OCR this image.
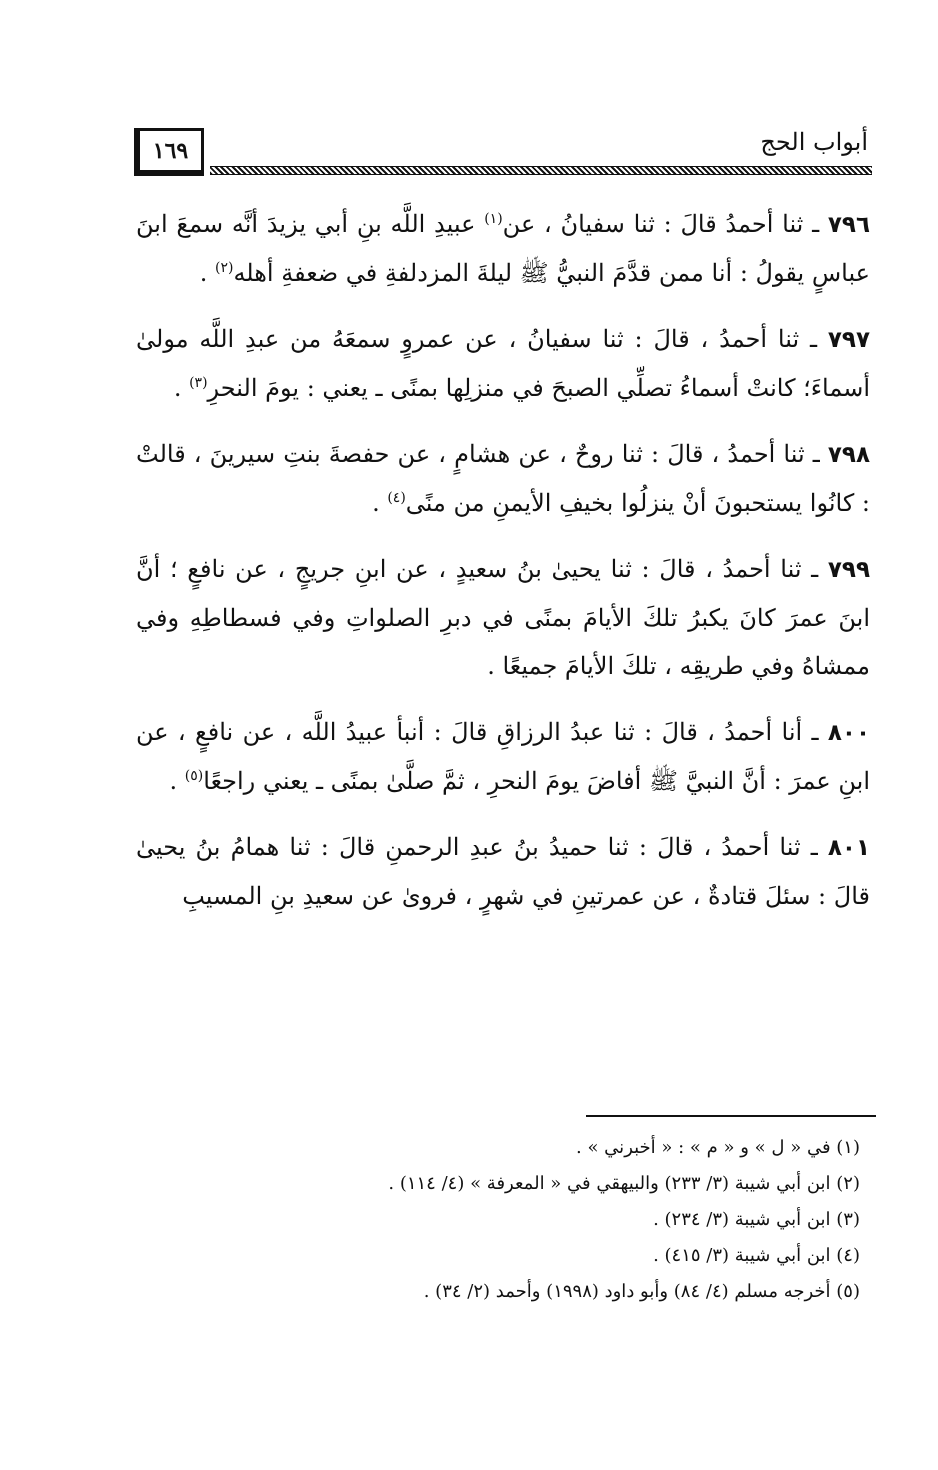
١٦٩	أبواب الحج

٧٩٦ ـ ثنا أحمدُ قالَ : ثنا سفيانُ ، عن$^{(١)}$ عبيدِ اللَّه بنِ أبي يزيدَ أنَّه سمعَ ابنَ عباسٍ يقولُ : أنا ممن قدَّمَ النبيُّ ﷺ ليلةَ المزدلفةِ في ضعفةِ أهله$^{(٢)}$ .

٧٩٧ ـ ثنا أحمدُ ، قالَ : ثنا سفيانُ ، عن عمروٍ سمعَهُ من عبدِ اللَّه مولىٰ أسماءَ؛ كانتْ أسماءُ تصلِّي الصبحَ في منزلِها بمنًى ـ يعني : يومَ النحرِ$^{(٣)}$ .

٧٩٨ ـ ثنا أحمدُ ، قالَ : ثنا روحٌ ، عن هشامٍ ، عن حفصةَ بنتِ سيرينَ ، قالتْ : كانُوا يستحبونَ أنْ ينزلُوا بخيفِ الأيمنِ من منًى$^{(٤)}$ .

٧٩٩ ـ ثنا أحمدُ ، قالَ : ثنا يحيىٰ بنُ سعيدٍ ، عن ابنِ جريجٍ ، عن نافعٍ ؛ أنَّ ابنَ عمرَ كانَ يكبرُ تلكَ الأيامَ بمنًى في دبرِ الصلواتِ وفي فسطاطِهِ وفي ممشاهُ وفي طريقِه ، تلكَ الأيامَ جميعًا .

٨٠٠ ـ أنا أحمدُ ، قالَ : ثنا عبدُ الرزاقِ قالَ : أنبأ عبيدُ اللَّه ، عن نافعٍ ، عن ابنِ عمرَ : أنَّ النبيَّ ﷺ أفاضَ يومَ النحرِ ، ثمَّ صلَّىٰ بمنًى ـ يعني راجعًا$^{(٥)}$ .

٨٠١ ـ ثنا أحمدُ ، قالَ : ثنا حميدُ بنُ عبدِ الرحمنِ قالَ : ثنا همامُ بنُ يحيىٰ قالَ : سئلَ قتادةٌ ، عن عمرتينِ في شهرٍ ، فروىٰ عن سعيدِ بنِ المسيبِ

(١) في « ل » و « م » : « أخبرني » .

(٢) ابن أبي شيبة (٣/ ٢٣٣) والبيهقي في « المعرفة » (٤/ ١١٤) .

(٣) ابن أبي شيبة (٣/ ٢٣٤) .

(٤) ابن أبي شيبة (٣/ ٤١٥) .

(٥) أخرجه مسلم (٤/ ٨٤) وأبو داود (١٩٩٨) وأحمد (٢/ ٣٤) .
